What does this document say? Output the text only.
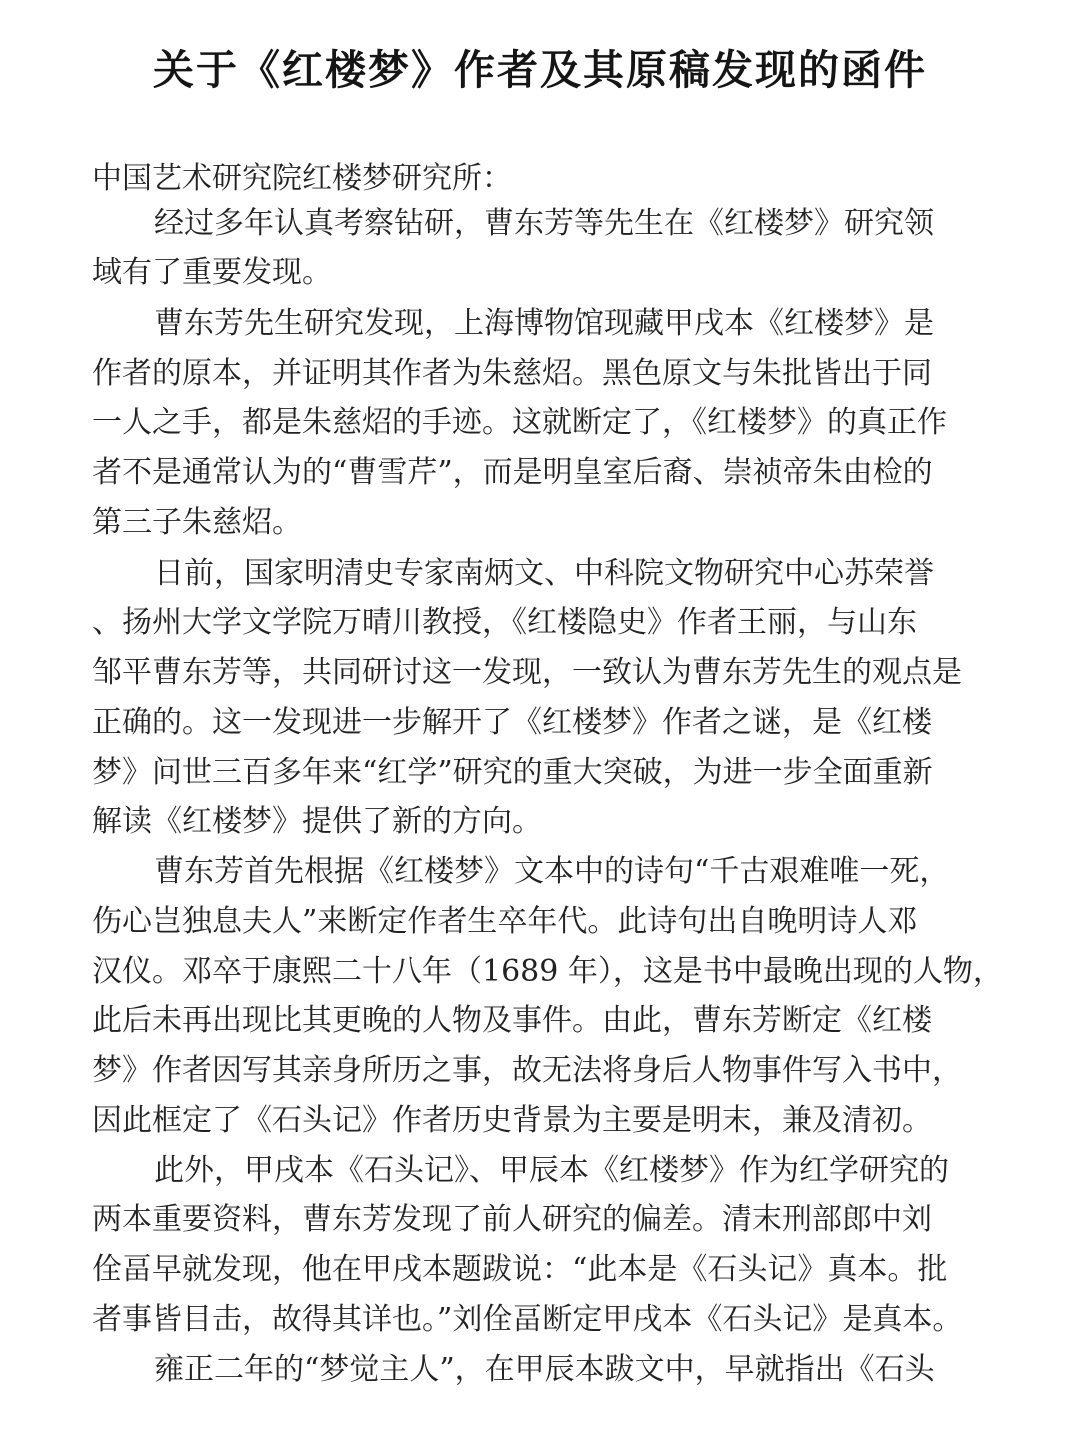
关于《红楼梦》作者及其原稿发现的函件
中国艺术研究院红楼梦研究所：
经过多年认真考察钻研，曹东芳等先生在《红楼梦》研究领
域有了重要发现。
曹东芳先生研究发现，上海博物馆现藏甲戌本《红楼梦》是
作者的原本，并证明其作者为朱慈炤。黑色原文与朱批皆出于同
一人之手，都是朱慈炤的手迹。这就断定了，《红楼梦》的真正作
者不是通常认为的“曹雪芹”，而是明皇室后裔、崇祯帝朱由检的
第三子朱慈炤。
日前，国家明清史专家南炳文、中科院文物研究中心苏荣誉
、扬州大学文学院万晴川教授，《红楼隐史》作者王丽，与山东
邹平曹东芳等，共同研讨这一发现，一致认为曹东芳先生的观点是
正确的。这一发现进一步解开了《红楼梦》作者之谜，是《红楼
梦》问世三百多年来“红学”研究的重大突破，为进一步全面重新
解读《红楼梦》提供了新的方向。
曹东芳首先根据《红楼梦》文本中的诗句“千古艰难唯一死，
伤心岂独息夫人”来断定作者生卒年代。此诗句出自晚明诗人邓
汉仪。邓卒于康熙二十八年（1689 年），这是书中最晚出现的人物，
此后未再出现比其更晚的人物及事件。由此，曹东芳断定《红楼
梦》作者因写其亲身所历之事，故无法将身后人物事件写入书中，
因此框定了《石头记》作者历史背景为主要是明末，兼及清初。
此外，甲戌本《石头记》、甲辰本《红楼梦》作为红学研究的
两本重要资料，曹东芳发现了前人研究的偏差。清末刑部郎中刘
佺畐早就发现，他在甲戌本题跋说：“此本是《石头记》真本。批
者事皆目击，故得其详也。”刘佺畐断定甲戌本《石头记》是真本。
雍正二年的“梦觉主人”，在甲辰本跋文中，早就指出《石头
